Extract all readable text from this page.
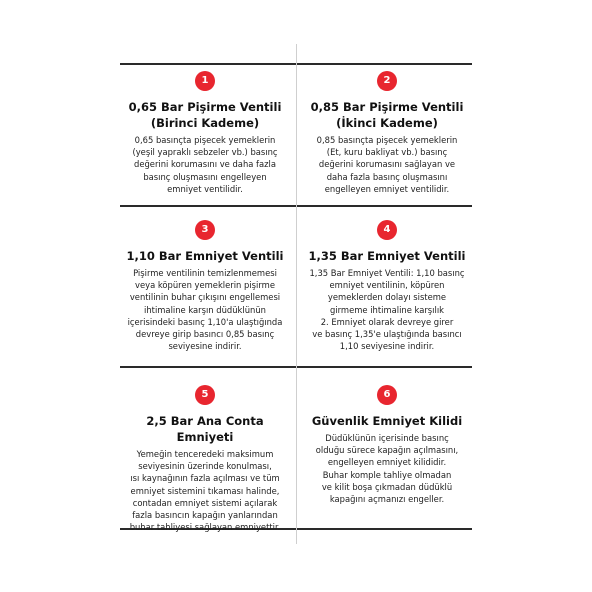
1
0,65 Bar Pişirme Ventili
(Birinci Kademe)
0,65 basınçta pişecek yemeklerin
(yeşil yapraklı sebzeler vb.) basınç
değerini korumasını ve daha fazla
basınç oluşmasını engelleyen
emniyet ventilidir.
2
0,85 Bar Pişirme Ventili
(İkinci Kademe)
0,85 basınçta pişecek yemeklerin
(Et, kuru bakliyat vb.) basınç
değerini korumasını sağlayan ve
daha fazla basınç oluşmasını
engelleyen emniyet ventilidir.
3
1,10 Bar Emniyet Ventili
Pişirme ventilinin temizlenmemesi
veya köpüren yemeklerin pişirme
ventilinin buhar çıkışını engellemesi
ihtimaline karşın düdüklünün
içerisindeki basınç 1,10'a ulaştığında
devreye girip basıncı 0,85 basınç
seviyesine indirir.
4
1,35 Bar Emniyet Ventili
1,35 Bar Emniyet Ventili: 1,10 basınç
emniyet ventilinin, köpüren
yemeklerden dolayı sisteme
girmeme ihtimaline karşılık
2. Emniyet olarak devreye girer
ve basınç 1,35'e ulaştığında basıncı
1,10 seviyesine indirir.
5
2,5 Bar Ana Conta Emniyeti
Yemeğin tenceredeki maksimum
seviyesinin üzerinde konulması,
ısı kaynağının fazla açılması ve tüm
emniyet sistemini tıkaması halinde,
contadan emniyet sistemi açılarak
fazla basıncın kapağın yanlarından
buhar tahliyesi sağlayan emniyettir.
6
Güvenlik Emniyet Kilidi
Düdüklünün içerisinde basınç
olduğu sürece kapağın açılmasını,
engelleyen emniyet kilididir.
Buhar komple tahliye olmadan
ve kilit boşa çıkmadan düdüklü
kapağını açmanızı engeller.
